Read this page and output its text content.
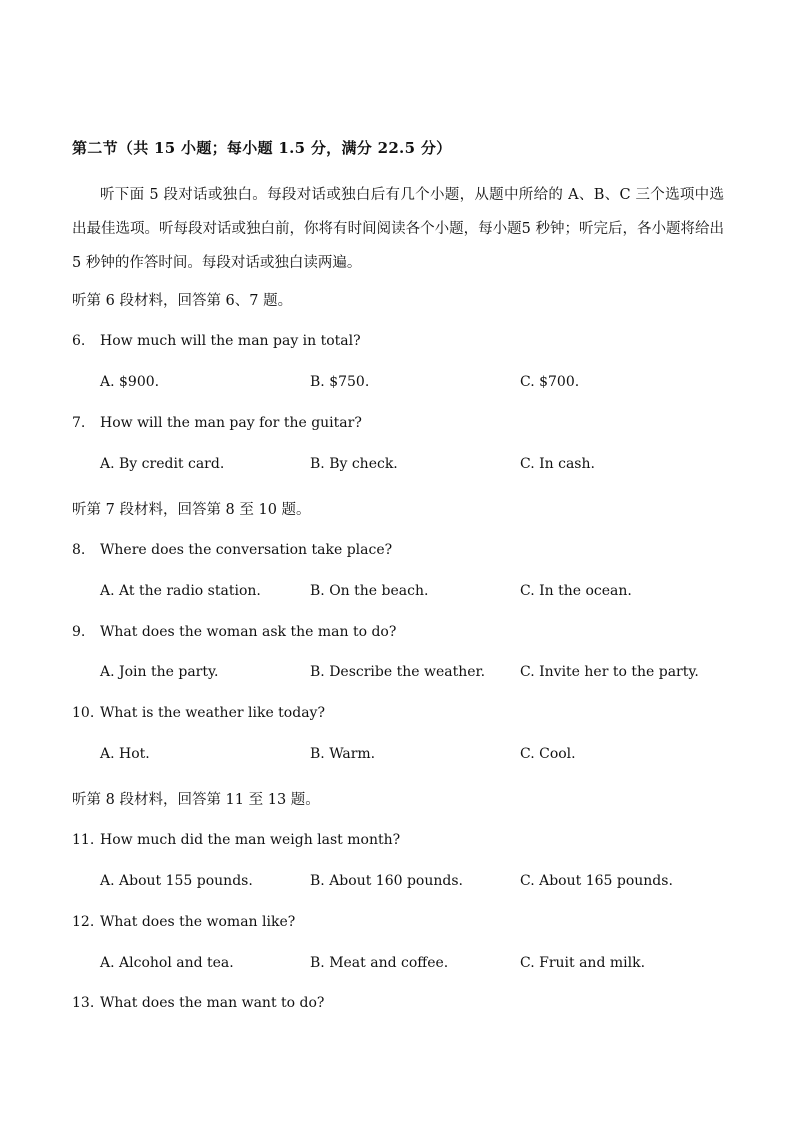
第二节（共 15 小题；每小题 1.5 分，满分 22.5 分）
听下面 5 段对话或独白。每段对话或独白后有几个小题，从题中所给的 A、B、C 三个选项中选出最佳选项。听每段对话或独白前，你将有时间阅读各个小题，每小题5 秒钟；听完后，各小题将给出 5 秒钟的作答时间。每段对话或独白读两遍。
听第 6 段材料，回答第 6、7 题。
6. How much will the man pay in total?
A. $900.	B. $750.	C. $700.
7. How will the man pay for the guitar?
A. By credit card.	B. By check.	C. In cash.
听第 7 段材料，回答第 8 至 10 题。
8. Where does the conversation take place?
A. At the radio station.	B. On the beach.	C. In the ocean.
9. What does the woman ask the man to do?
A. Join the party.	B. Describe the weather. C. Invite her to the party.
10. What is the weather like today?
A. Hot.	B. Warm.	C. Cool.
听第 8 段材料，回答第 11 至 13 题。
11. How much did the man weigh last month?
A. About 155 pounds.	B. About 160 pounds.	C. About 165 pounds.
12. What does the woman like?
A. Alcohol and tea.	B. Meat and coffee.	C. Fruit and milk.
13. What does the man want to do?
